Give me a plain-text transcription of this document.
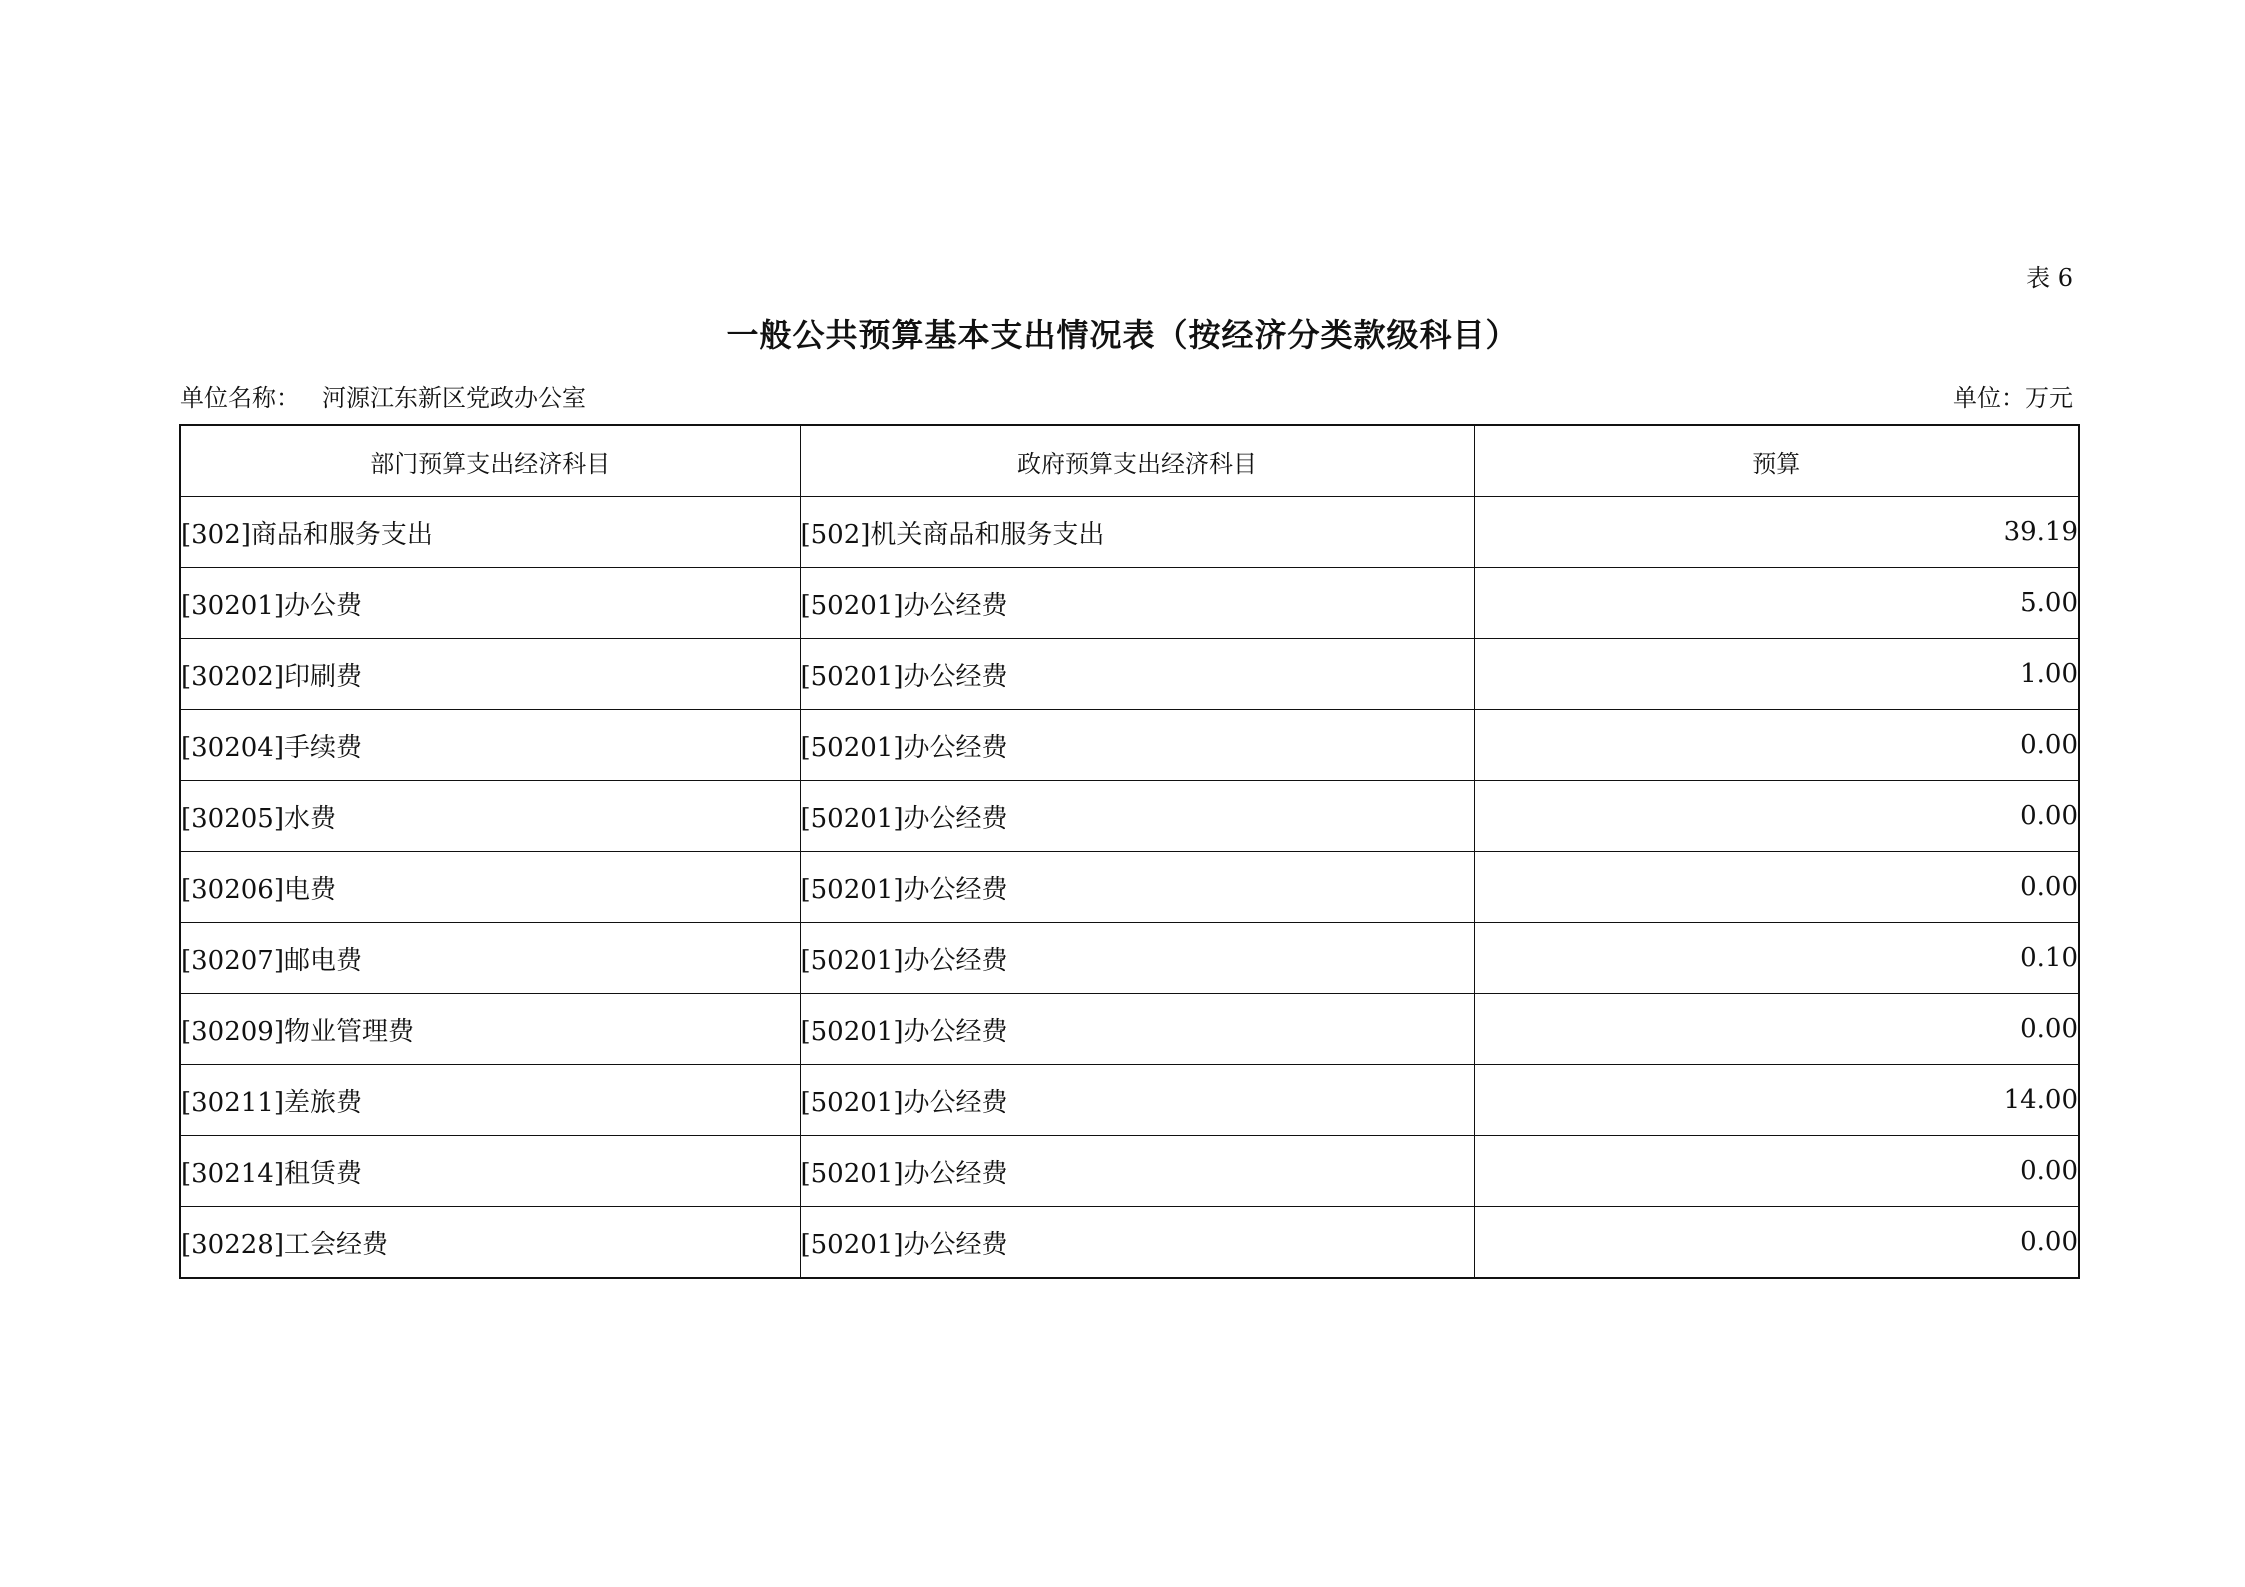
表 6
一般公共预算基本支出情况表（按经济分类款级科目）
单位名称： 河源江东新区党政办公室	单位：万元
部门预算支出经济科目	政府预算支出经济科目	预算
[302]商品和服务支出	[502]机关商品和服务支出	39.19
[30201]办公费	[50201]办公经费	5.00
[30202]印刷费	[50201]办公经费	1.00
[30204]手续费	[50201]办公经费	0.00
[30205]水费	[50201]办公经费	0.00
[30206]电费	[50201]办公经费	0.00
[30207]邮电费	[50201]办公经费	0.10
[30209]物业管理费	[50201]办公经费	0.00
[30211]差旅费	[50201]办公经费	14.00
[30214]租赁费	[50201]办公经费	0.00
[30228]工会经费	[50201]办公经费	0.00
